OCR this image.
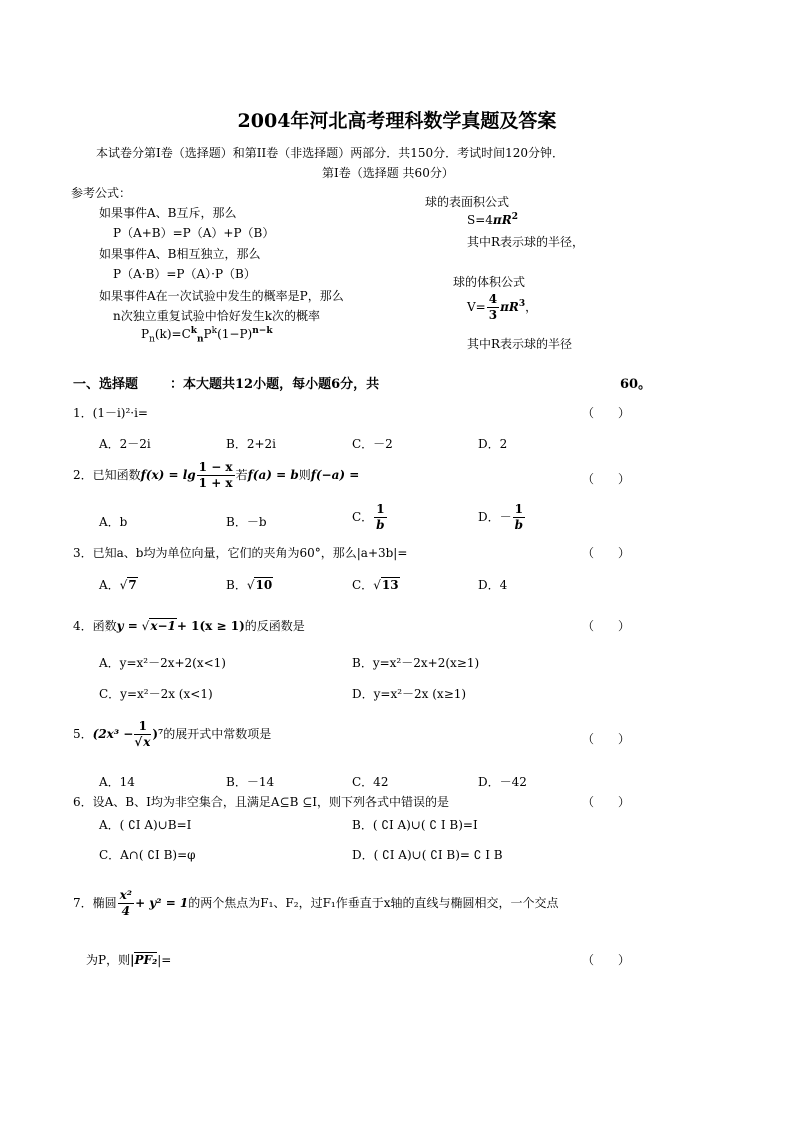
2004年河北高考理科数学真题及答案
本试卷分第Ⅰ卷（选择题）和第II卷（非选择题）两部分．共150分．考试时间120分钟．
第Ⅰ卷（选择题 共60分）
参考公式：
如果事件A、B互斥，那么
P（A+B）=P（A）+P（B）
如果事件A、B相互独立，那么
P（A·B）=P（A）·P（B）
如果事件A在一次试验中发生的概率是P，那么
n次独立重复试验中恰好发生k次的概率
$P_n(k)=C^k_nP^k(1-P)^{n-k}$
球的表面积公式
$S=4\pi R^2$
其中R表示球的半径，
球的体积公式
$V= \frac{4}{3} \pi R^3$，
其中R表示球的半径
一、选择题 ：本大题共12小题，每小题6分，共	60。
1．(1－i)²·i=	（　　）
A．2－2i	B．2+2i	C．－2	D．2
2．已知函数$f(x) = \lg \frac{1 - x}{1 + x}$ 若f(a) = b则f(−a) =	（　　）
A．b	B．－b	C． $\frac{1}{b}$	D．－ $\frac{1}{b}$
3．已知a、b均为单位向量，它们的夹角为60°，那么|a+3b|=	（　　）
A．√7	B．√10	C．√13	D．4
4．函数y = √x−1+ 1(x ≥ 1)的反函数是	（　　）
A．y=x²－2x+2(x<1)	B．y=x²－2x+2(x≥1)
C．y=x²－2x (x<1)	D．y=x²－2x (x≥1)
5．$(2x^3 - \frac{1}{√x} )^7$的展开式中常数项是	（　　）
A．14	B．－14	C．42	D．－42
6．设A、B、I均为非空集合，且满足A⊆B ⊆I，则下列各式中错误的是	（　　）
A．( ∁I A)∪B=I	B．( ∁I A)∪( ∁ I B)=I
C．A∩( ∁I B)=φ	D．( ∁I A)∪( ∁I B)= ∁ I B
7．椭圆 $\frac{\text{x²}}{4} + y^2 = 1$的两个焦点为F₁、F₂，过F₁作垂直于x轴的直线与椭圆相交，一个交点
为P，则|PF₂|=	（　　）
